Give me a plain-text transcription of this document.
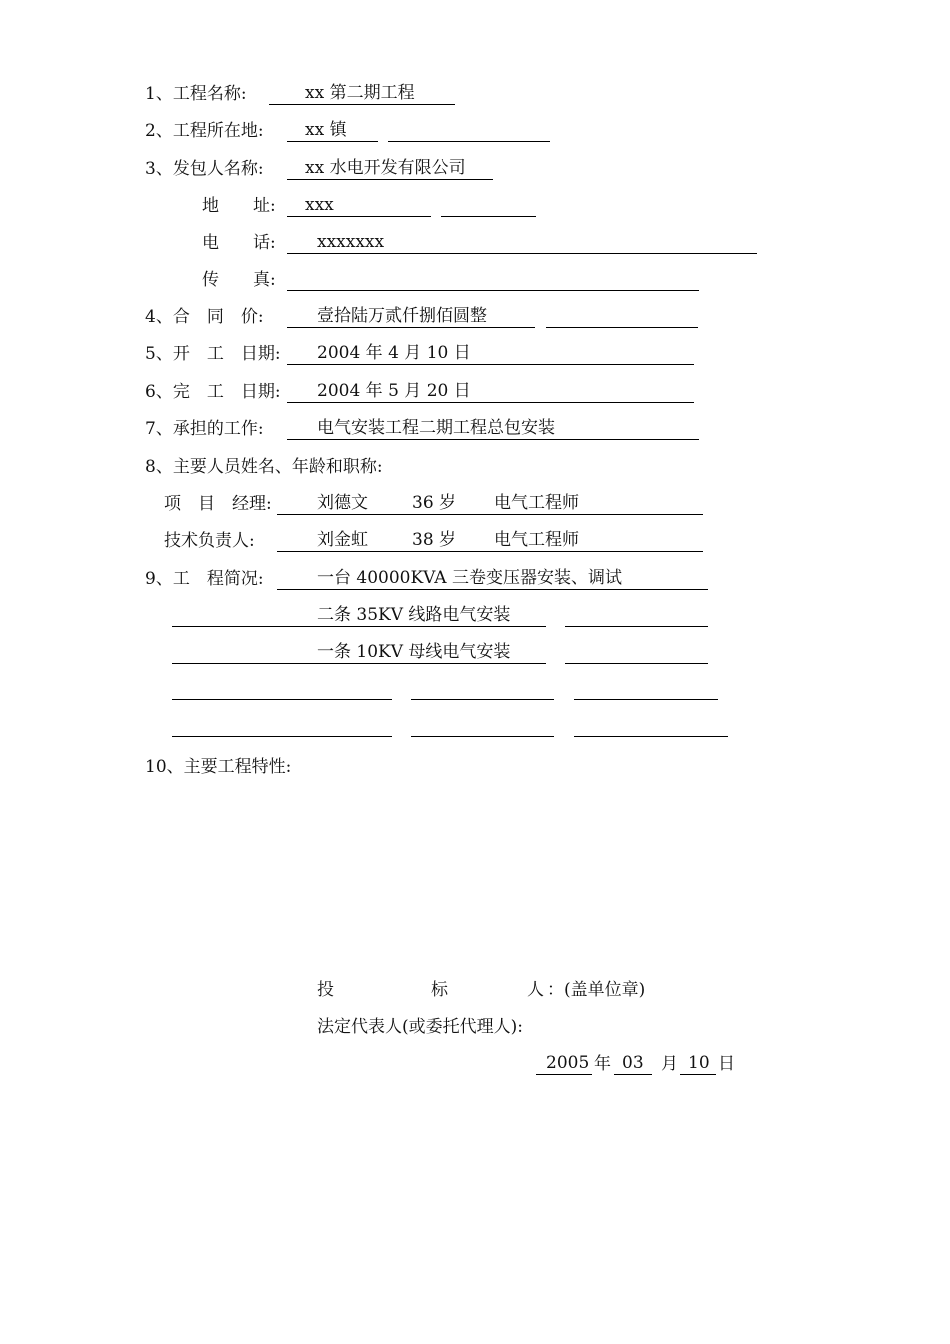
1、工程名称:	xx 第二期工程
2、工程所在地: xx 镇
3、发包人名称: xx 水电开发有限公司
地　　址: xxx
电　　话: xxxxxxx
传　　真:
4、合　同　价:	壹拾陆万贰仟捌佰圆整
5、开　工　日期: 2004 年 4 月 10 日
6、完　工　日期: 2004 年 5 月 20 日
7、承担的工作:	电气安装工程二期工程总包安装
8、主要人员姓名、年龄和职称:
项　目　经理:	刘德文	36 岁 电气工程师
技术负责人:	刘金虹	38 岁 电气工程师
9、工　程简况:	一台 40000KVA 三卷变压器安装、调试
二条 35KV 线路电气安装
一条 10KV 母线电气安装
10、主要工程特性:
投	标	人 ：(盖单位章)
法定代表人(或委托代理人):
2005 年 03 月 10 日
